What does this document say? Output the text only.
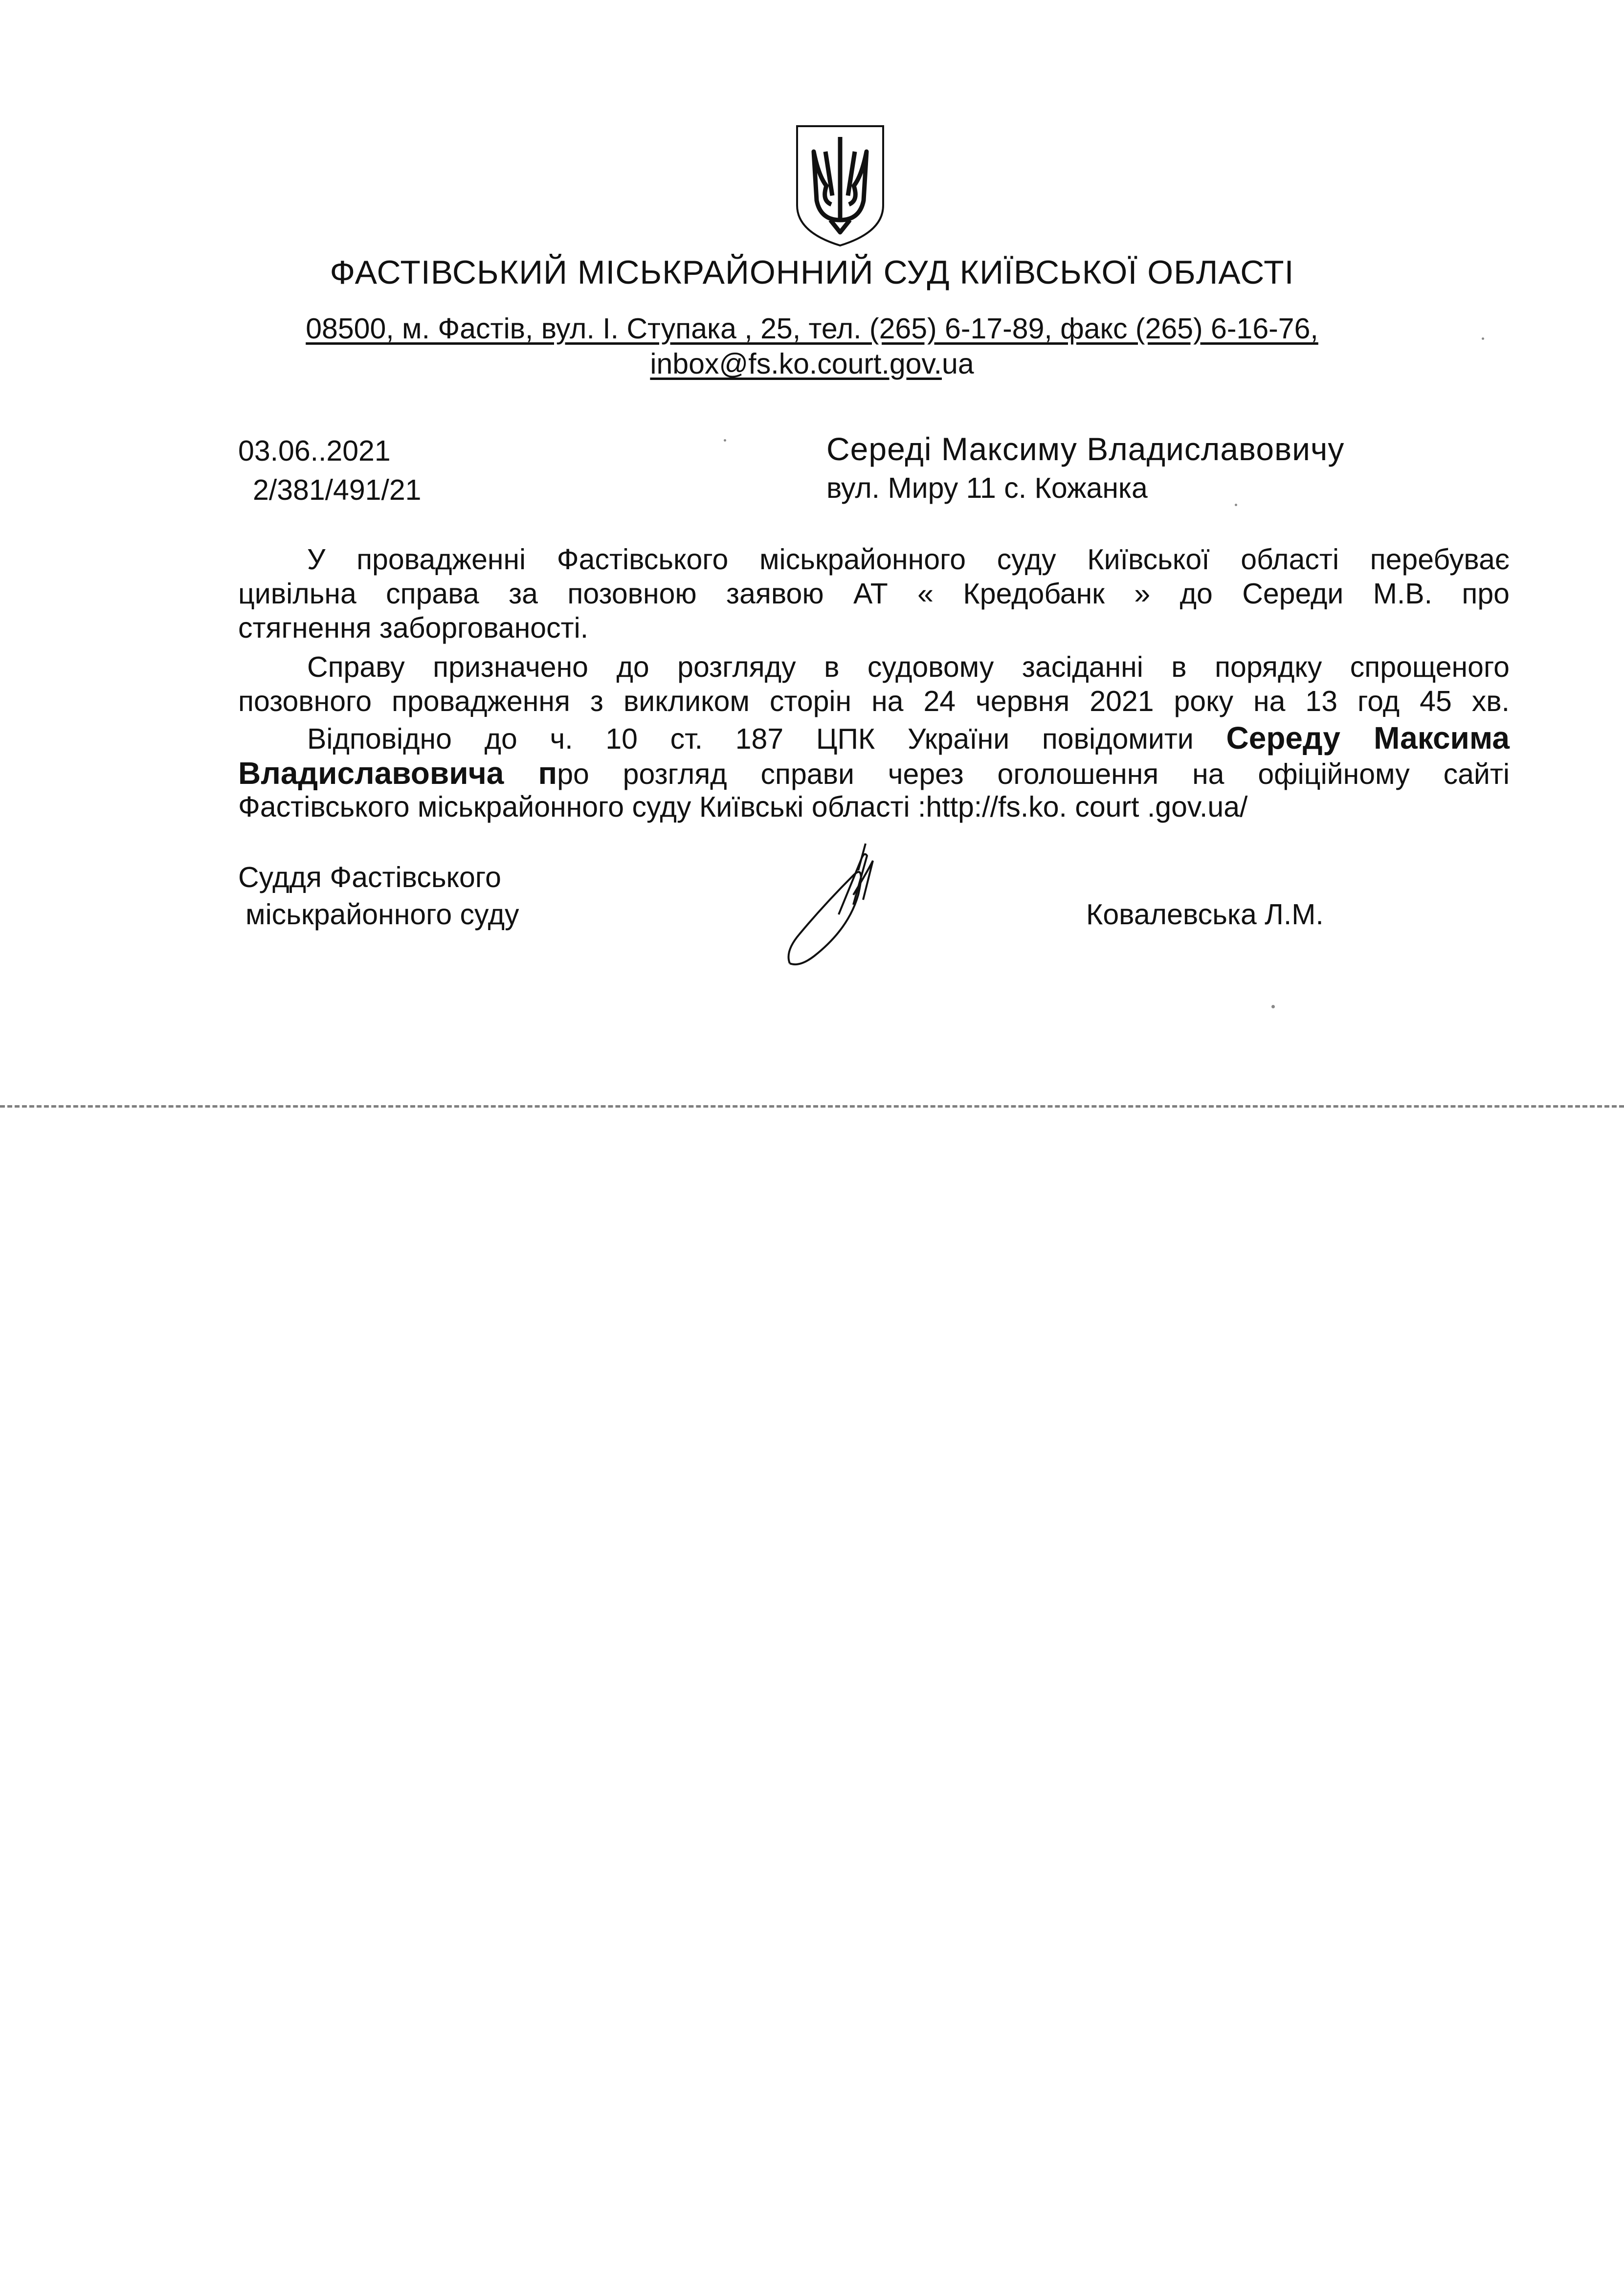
ФАСТІВСЬКИЙ МІСЬКРАЙОННИЙ СУД КИЇВСЬКОЇ ОБЛАСТІ
08500, м. Фастів, вул. І. Ступака , 25, тел. (265) 6-17-89, факс (265) 6-16-76,
inbox@fs.ko.court.gov.ua
03.06..2021
2/381/491/21
Середі Максиму Владиславовичу
вул. Миру 11 с. Кожанка
У провадженні Фастівського міськрайонного суду Київської області перебуває
цивільна справа за позовною заявою АТ « Кредобанк » до Середи М.В. про
стягнення заборгованості.
Справу призначено до розгляду в судовому засіданні в порядку спрощеного
позовного провадження з викликом сторін на 24 червня 2021 року на 13 год 45 хв.
Відповідно до ч. 10 ст. 187 ЦПК України повідомити Середу Максима
Владиславовича про розгляд справи через оголошення на офіційному сайті
Фастівського міськрайонного суду Київські області :http://fs.ko. court .gov.ua/
Суддя Фастівського
міськрайонного суду	Ковалевська Л.М.
